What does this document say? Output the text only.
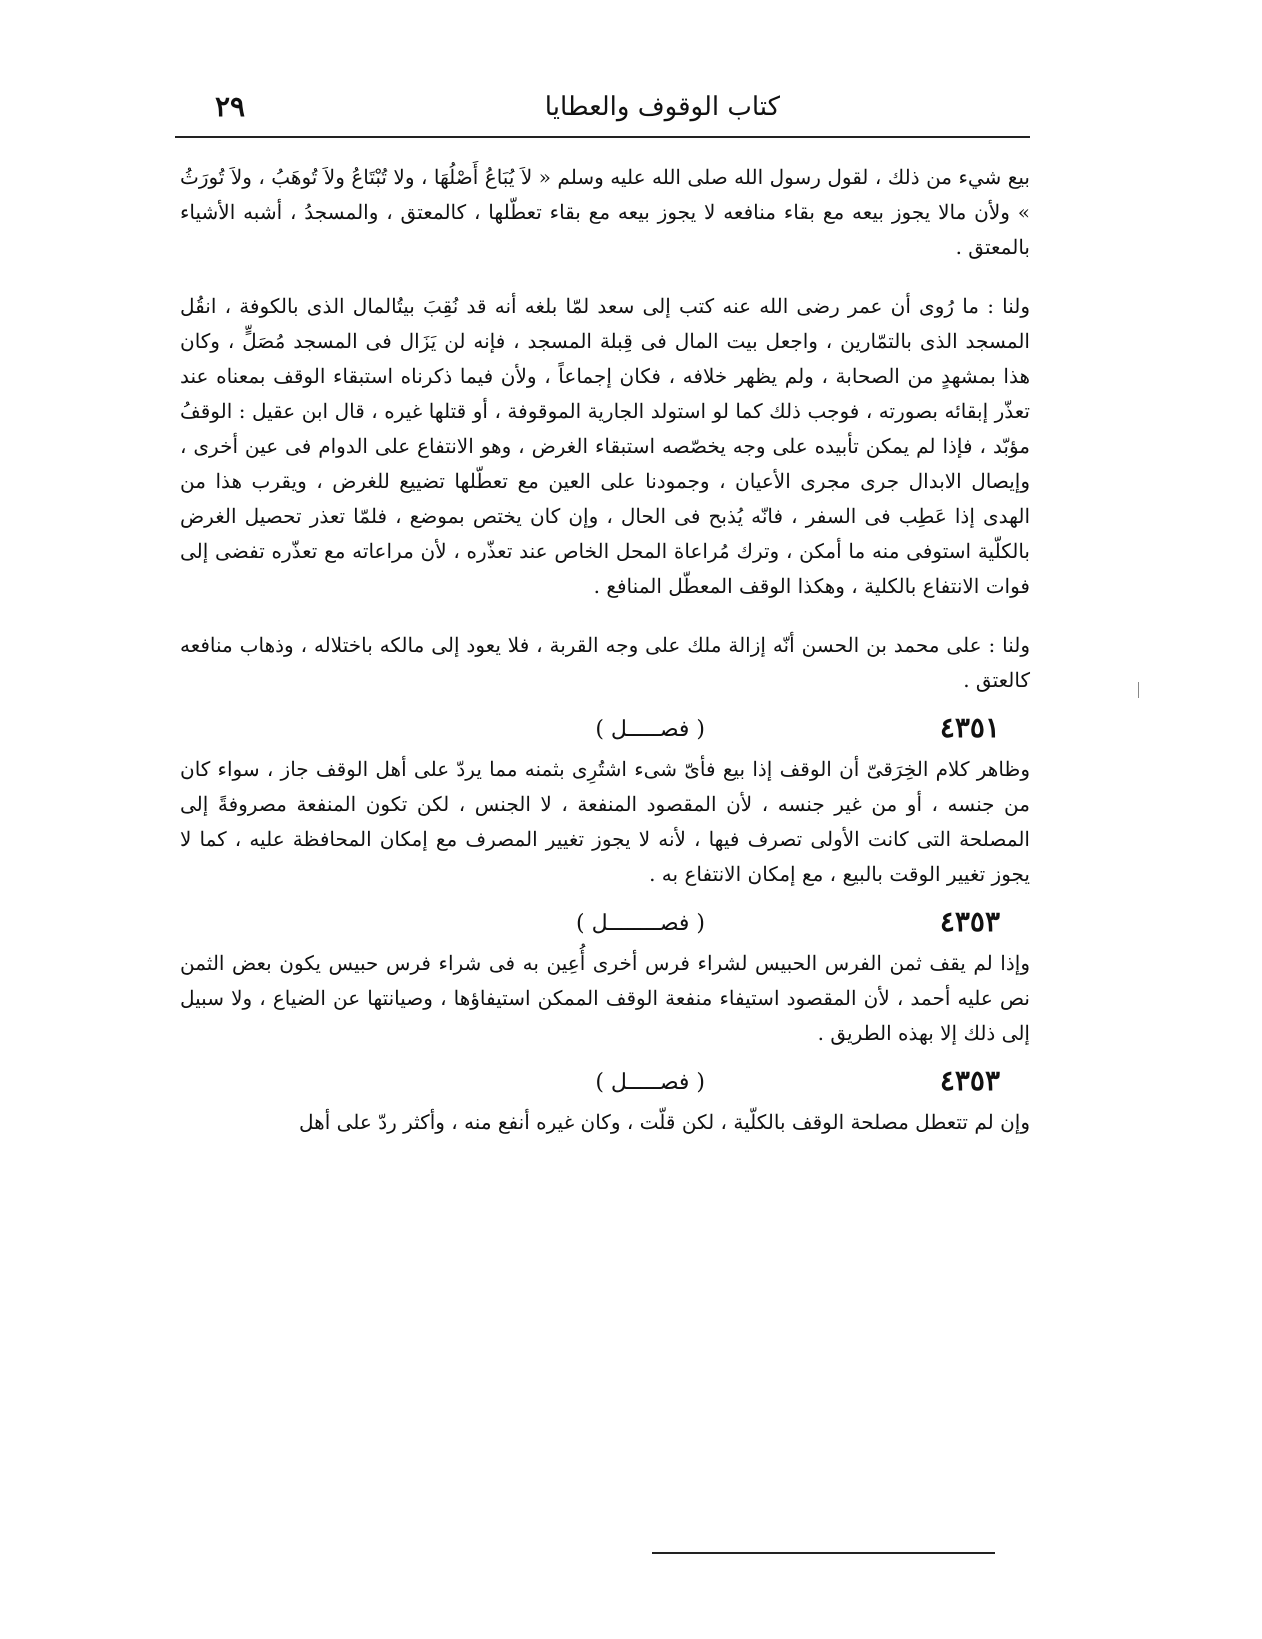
٢٩	كتاب الوقوف والعطايا

بيع شيء من ذلك ، لقول رسول الله صلى الله عليه وسلم « لاَ يُبَاعُ أَصْلُهَا ، ولا تُبْتَاعُ ولاَ تُوهَبُ ، ولاَ تُورَثُ » ولأن مالا يجوز بيعه مع بقاء منافعه لا يجوز بيعه مع بقاء تعطّلها ، كالمعتق ، والمسجدُ ، أشبه الأشياء بالمعتق .

ولنا : ما رُوى أن عمر رضى الله عنه كتب إلى سعد لمّا بلغه أنه قد نُقِبَ بيتُالمال الذى بالكوفة ، انقُل المسجد الذى بالتمّارين ، واجعل بيت المال فى قِبلة المسجد ، فإنه لن يَزَال فى المسجد مُصَلٍّ ، وكان هذا بمشهدٍ من الصحابة ، ولم يظهر خلافه ، فكان إجماعاً ، ولأن فيما ذكرناه استبقاء الوقف بمعناه عند تعذّر إبقائه بصورته ، فوجب ذلك كما لو استولد الجارية الموقوفة ، أو قتلها غيره ، قال ابن عقيل : الوقفُ مؤبّد ، فإذا لم يمكن تأبيده على وجه يخصّصه استبقاء الغرض ، وهو الانتفاع على الدوام فى عين أخرى ، وإيصال الابدال جرى مجرى الأعيان ، وجمودنا على العين مع تعطّلها تضييع للغرض ، ويقرب هذا من الهدى إذا عَطِب فى السفر ، فانّه يُذبح فى الحال ، وإن كان يختص بموضع ، فلمّا تعذر تحصيل الغرض بالكلّية استوفى منه ما أمكن ، وترك مُراعاة المحل الخاص عند تعذّره ، لأن مراعاته مع تعذّره تفضى إلى فوات الانتفاع بالكلية ، وهكذا الوقف المعطّل المنافع .

ولنا : على محمد بن الحسن أنّه إزالة ملك على وجه القربة ، فلا يعود إلى مالكه باختلاله ، وذهاب منافعه كالعتق .

٤٣٥١
( فصـــــل )

وظاهر كلام الخِرَقىّ أن الوقف إذا بيع فأىّ شىء اشتُرِى بثمنه مما يردّ على أهل الوقف جاز ، سواء كان من جنسه ، أو من غير جنسه ، لأن المقصود المنفعة ، لا الجنس ، لكن تكون المنفعة مصروفةً إلى المصلحة التى كانت الأولى تصرف فيها ، لأنه لا يجوز تغيير المصرف مع إمكان المحافظة عليه ، كما لا يجوز تغيير الوقت بالبيع ، مع إمكان الانتفاع به .

٤٣٥٣
( فصــــــــل )

وإذا لم يقف ثمن الفرس الحبيس لشراء فرس أخرى أُعِين به فى شراء فرس حبيس يكون بعض الثمن نص عليه أحمد ، لأن المقصود استيفاء منفعة الوقف الممكن استيفاؤها ، وصيانتها عن الضياع ، ولا سبيل إلى ذلك إلا بهذه الطريق .

٤٣٥٣
( فصـــــل )

وإن لم تتعطل مصلحة الوقف بالكلّية ، لكن قلّت ، وكان غيره أنفع منه ، وأكثر ردّ على أهل
